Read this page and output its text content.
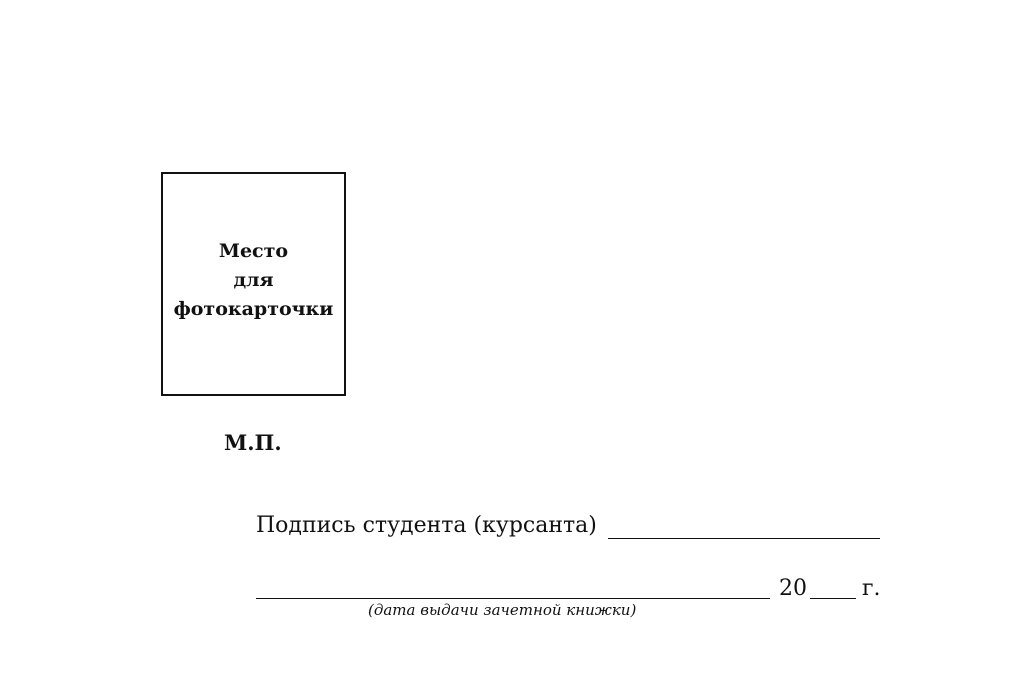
Место
для
фотокарточки
М.П.
Подпись студента (курсанта)
20	г.
(дата выдачи зачетной книжки)
